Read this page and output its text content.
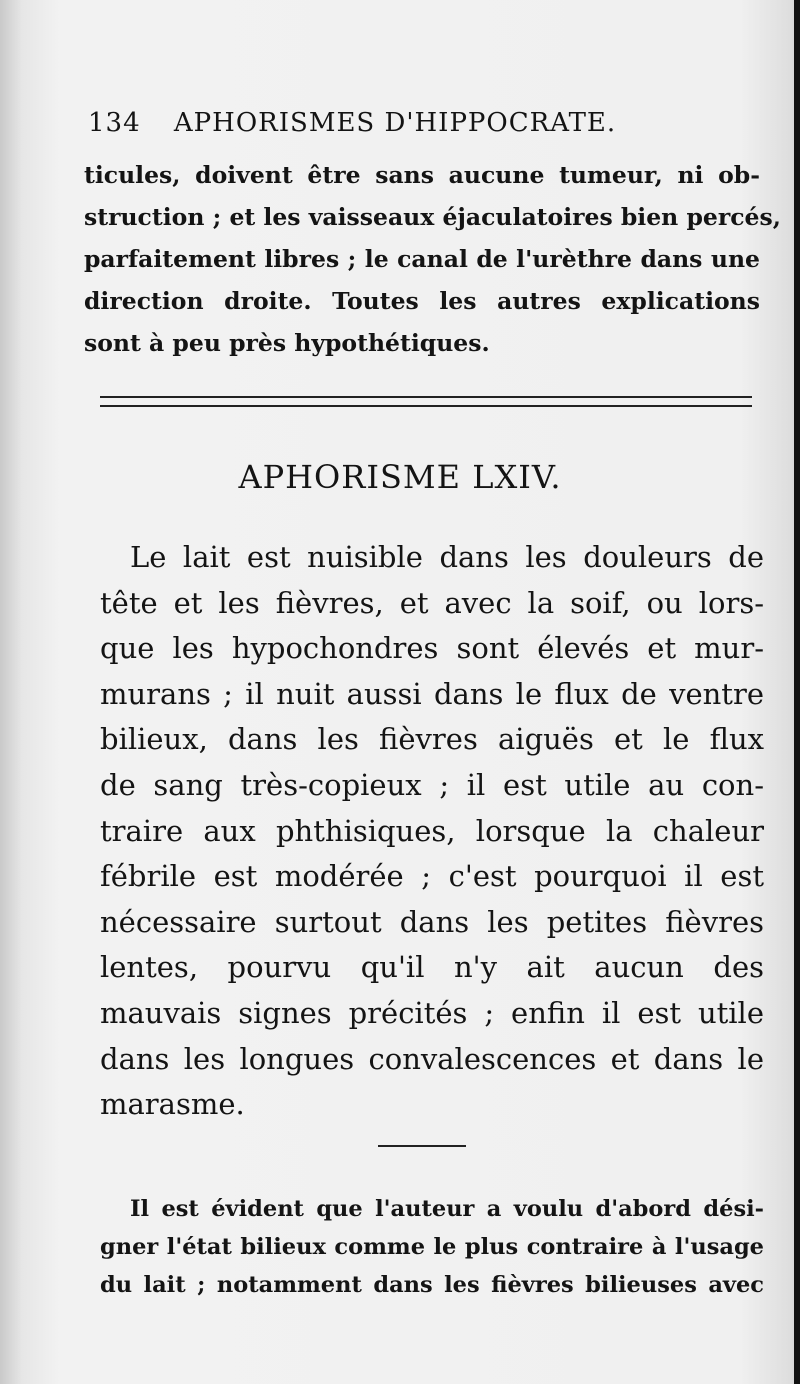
134 APHORISMES D'HIPPOCRATE.
ticules, doivent être sans aucune tumeur, ni ob-
struction ; et les vaisseaux éjaculatoires bien percés,
parfaitement libres ; le canal de l'urèthre dans une
direction droite. Toutes les autres explications
sont à peu près hypothétiques.
APHORISME LXIV.
Le lait est nuisible dans les douleurs de
tête et les fièvres, et avec la soif, ou lors-
que les hypochondres sont élevés et mur-
murans ; il nuit aussi dans le flux de ventre
bilieux, dans les fièvres aiguës et le flux
de sang très-copieux ; il est utile au con-
traire aux phthisiques, lorsque la chaleur
fébrile est modérée ; c'est pourquoi il est
nécessaire surtout dans les petites fièvres
lentes, pourvu qu'il n'y ait aucun des
mauvais signes précités ; enfin il est utile
dans les longues convalescences et dans le
marasme.
Il est évident que l'auteur a voulu d'abord dési-
gner l'état bilieux comme le plus contraire à l'usage
du lait ; notamment dans les fièvres bilieuses avec
